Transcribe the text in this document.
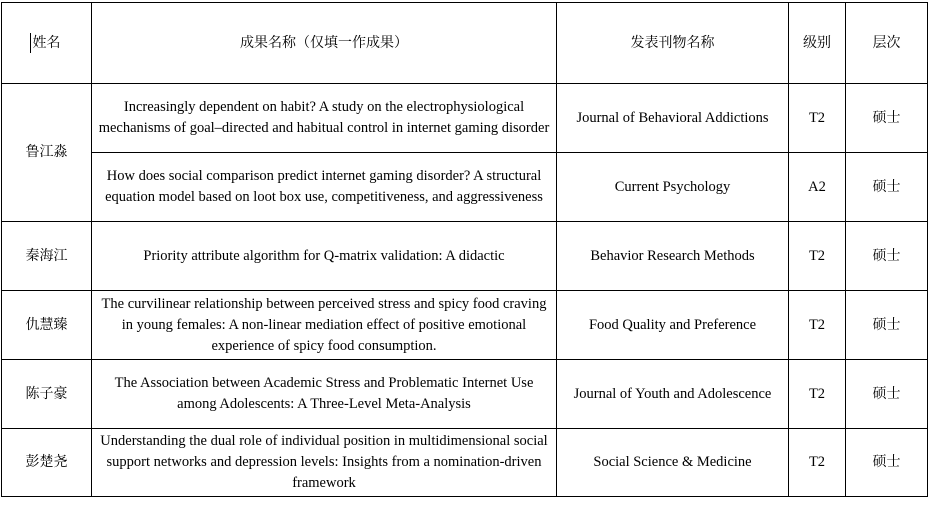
姓名	成果名称（仅填一作成果）	发表刊物名称	级别	层次
鲁江淼	Increasingly dependent on habit? A study on the electrophysiological mechanisms of goal–directed and habitual control in internet gaming disorder	Journal of Behavioral Addictions	T2	硕士
	How does social comparison predict internet gaming disorder? A structural equation model based on loot box use, competitiveness, and aggressiveness	Current Psychology	A2	硕士
秦海江	Priority attribute algorithm for Q-matrix validation: A didactic	Behavior Research Methods	T2	硕士
仇慧臻	The curvilinear relationship between perceived stress and spicy food craving in young females: A non-linear mediation effect of positive emotional experience of spicy food consumption.	Food Quality and Preference	T2	硕士
陈子豪	The Association between Academic Stress and Problematic Internet Use among Adolescents: A Three-Level Meta-Analysis	Journal of Youth and Adolescence	T2	硕士
彭楚尧	Understanding the dual role of individual position in multidimensional social support networks and depression levels: Insights from a nomination-driven framework	Social Science & Medicine	T2	硕士
